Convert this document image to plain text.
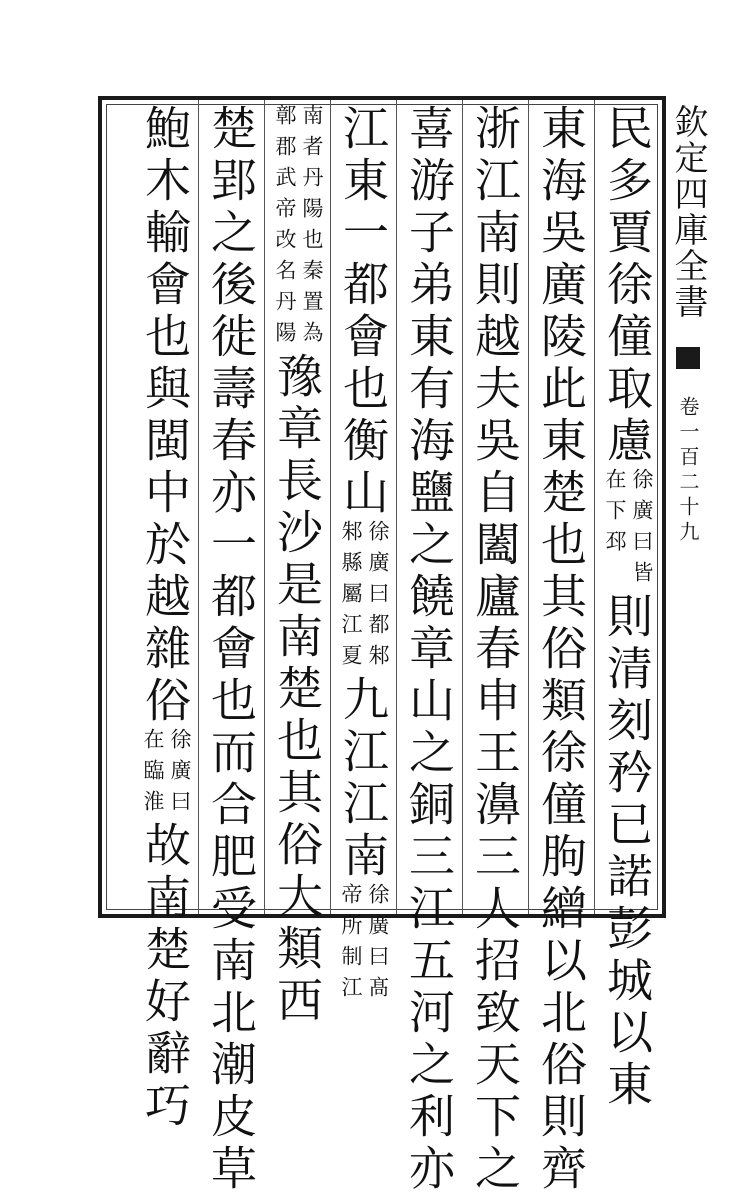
欽定四庫全書  卷一百二十九
民多賈徐僮取慮
徐廣曰皆
在下邳
則清刻矜已諾彭城以東
東海吳廣陵此東楚也其俗類徐僮朐繒以北俗則齊
浙江南則越夫吳自闔廬春申王濞三人招致天下之
喜游子弟東有海鹽之饒章山之銅三江五河之利亦
江東一都會也衡山
徐廣曰都邾
邾縣屬江夏
九江江南
徐廣曰髙
帝所制江
南者丹陽也秦置為
鄣郡武帝改名丹陽
豫章長沙是南楚也其俗大類西
楚郢之後徙壽春亦一都會也而合肥受南北潮皮草
鮑木輸會也與閩中於越雜俗
徐廣曰
在臨淮
故南楚好辭巧
